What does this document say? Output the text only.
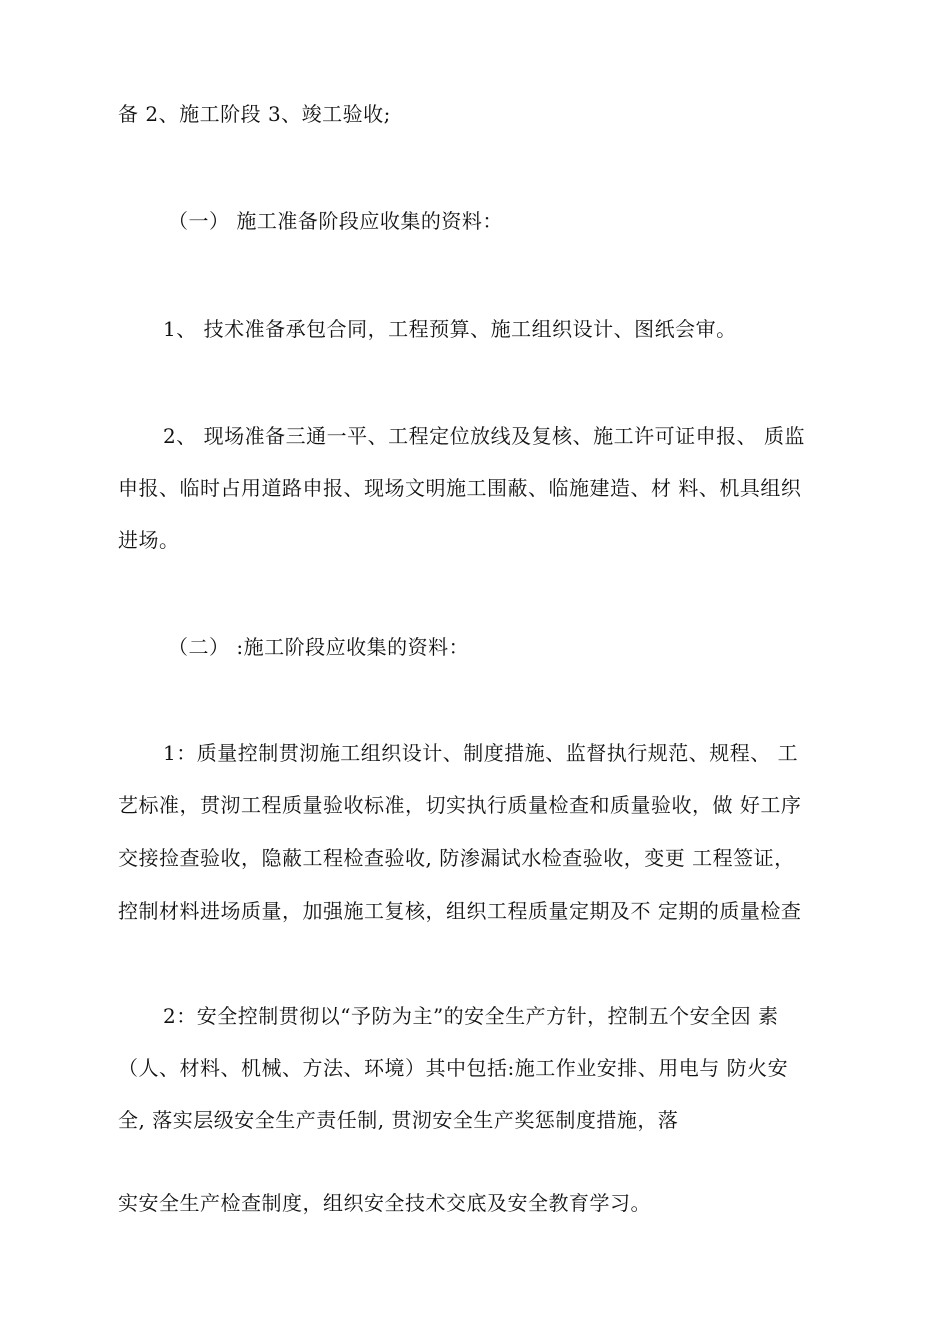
备 2、施工阶段 3、竣工验收;
（一） 施工准备阶段应收集的资料：
1、 技术准备承包合同，工程预算、施工组织设计、图纸会审。
2、 现场准备三通一平、工程定位放线及复核、施工许可证申报、 质监
申报、临时占用道路申报、现场文明施工围蔽、临施建造、材 料、机具组织
进场。
（二） :施工阶段应收集的资料：
1：质量控制贯沏施工组织设计、制度措施、监督执行规范、规程、 工
艺标准，贯沏工程质量验收标准，切实执行质量检查和质量验收，做 好工序
交接捡查验收，隐蔽工程检查验收, 防渗漏试水检查验收，变更 工程签证，
控制材料进场质量，加强施工复核，组织工程质量定期及不 定期的质量检查
2：安全控制贯彻以“予防为主”的安全生产方针，控制五个安全因 素
（人、材料、机械、方法、环境）其中包括:施工作业安排、用电与 防火安
全, 落实层级安全生产责任制, 贯沏安全生产奖惩制度措施，落
实安全生产检查制度，组织安全技术交底及安全教育学习。
